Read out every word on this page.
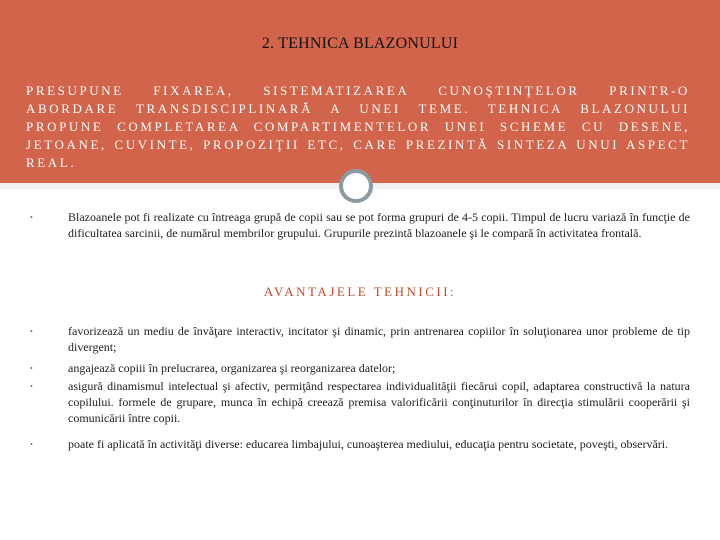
2. TEHNICA BLAZONULUI
PRESUPUNE FIXAREA, SISTEMATIZAREA CUNOŞTINŢELOR PRINTR-O ABORDARE TRANSDISCIPLINARĂ A UNEI TEME. TEHNICA BLAZONULUI PROPUNE COMPLETAREA COMPARTIMENTELOR UNEI SCHEME CU DESENE, JETOANE, CUVINTE, PROPOZIŢII ETC, CARE PREZINTĂ SINTEZA UNUI ASPECT REAL.
•	Blazoanele pot fi realizate cu întreaga grupă de copii sau se pot forma grupuri de 4-5 copii. Timpul de lucru variază în funcţie de dificultatea sarcinii, de numărul membrilor grupului. Grupurile prezintă blazoanele şi le compară în activitatea frontală.
AVANTAJELE TEHNICII:
•	favorizează un mediu de învăţare interactiv, incitator şi dinamic, prin antrenarea copiilor în soluţionarea unor probleme de tip divergent;
•	angajează copiii în prelucrarea, organizarea şi reorganizarea datelor;
•	asigură dinamismul intelectual şi afectiv, permiţând respectarea individualităţii fiecărui copil, adaptarea constructivă la natura copilului. formele de grupare, munca în echipă creează premisa valorificării conţinuturilor în direcţia stimulării cooperării şi comunicării între copii.
•	poate fi aplicată în activităţi diverse: educarea limbajului, cunoaşterea mediului, educaţia pentru societate, poveşti, observări.
